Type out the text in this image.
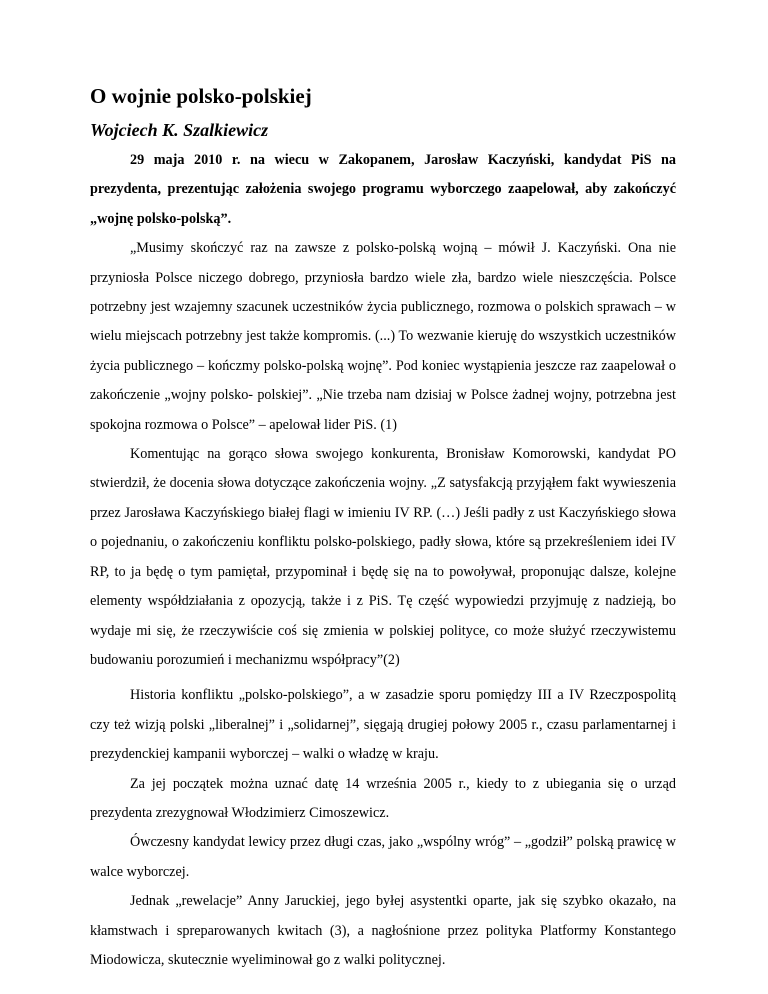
O wojnie polsko-polskiej
Wojciech K. Szalkiewicz

29 maja 2010 r. na wiecu w Zakopanem, Jarosław Kaczyński, kandydat PiS na prezydenta, prezentując założenia swojego programu wyborczego zaapelował, aby zakończyć „wojnę polsko-polską”.

„Musimy skończyć raz na zawsze z polsko-polską wojną – mówił J. Kaczyński. Ona nie przyniosła Polsce niczego dobrego, przyniosła bardzo wiele zła, bardzo wiele nieszczęścia. Polsce potrzebny jest wzajemny szacunek uczestników życia publicznego, rozmowa o polskich sprawach – w wielu miejscach potrzebny jest także kompromis. (...) To wezwanie kieruję do wszystkich uczestników życia publicznego – kończmy polsko-polską wojnę”. Pod koniec wystąpienia jeszcze raz zaapelował o zakończenie „wojny polsko- polskiej”. „Nie trzeba nam dzisiaj w Polsce żadnej wojny, potrzebna jest spokojna rozmowa o Polsce” – apelował lider PiS. (1)

Komentując na gorąco słowa swojego konkurenta, Bronisław Komorowski, kandydat PO stwierdził, że docenia słowa dotyczące zakończenia wojny. „Z satysfakcją przyjąłem fakt wywieszenia przez Jarosława Kaczyńskiego białej flagi w imieniu IV RP. (…) Jeśli padły z ust Kaczyńskiego słowa o pojednaniu, o zakończeniu konfliktu polsko-polskiego, padły słowa, które są przekreśleniem idei IV RP, to ja będę o tym pamiętał, przypominał i będę się na to powoływał, proponując dalsze, kolejne elementy współdziałania z opozycją, także i z PiS. Tę część wypowiedzi przyjmuję z nadzieją, bo wydaje mi się, że rzeczywiście coś się zmienia w polskiej polityce, co może służyć rzeczywistemu budowaniu porozumień i mechanizmu współpracy”(2)

Historia konfliktu „polsko-polskiego”, a w zasadzie sporu pomiędzy III a IV Rzeczpospolitą czy też wizją polski „liberalnej” i „solidarnej”, sięgają drugiej połowy 2005 r., czasu parlamentarnej i prezydenckiej kampanii wyborczej – walki o władzę w kraju.

Za jej początek można uznać datę 14 września 2005 r., kiedy to z ubiegania się o urząd prezydenta zrezygnował Włodzimierz Cimoszewicz.

Ówczesny kandydat lewicy przez długi czas, jako „wspólny wróg” – „godził” polską prawicę w walce wyborczej.

Jednak „rewelacje” Anny Jaruckiej, jego byłej asystentki oparte, jak się szybko okazało, na kłamstwach i spreparowanych kwitach (3), a nagłośnione przez polityka Platformy Konstantego Miodowicza, skutecznie wyeliminował go z walki politycznej.
